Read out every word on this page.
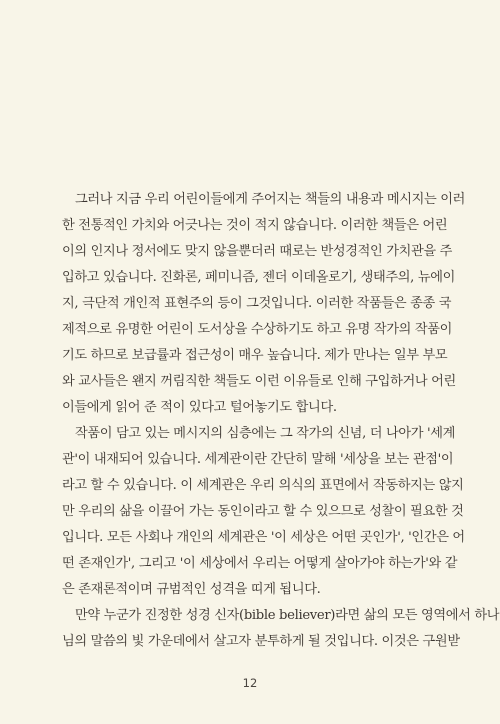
그러나 지금 우리 어린이들에게 주어지는 책들의 내용과 메시지는 이러
한 전통적인 가치와 어긋나는 것이 적지 않습니다. 이러한 책들은 어린
이의 인지나 정서에도 맞지 않을뿐더러 때로는 반성경적인 가치관을 주
입하고 있습니다. 진화론, 페미니즘, 젠더 이데올로기, 생태주의, 뉴에이
지, 극단적 개인적 표현주의 등이 그것입니다. 이러한 작품들은 종종 국
제적으로 유명한 어린이 도서상을 수상하기도 하고 유명 작가의 작품이
기도 하므로 보급률과 접근성이 매우 높습니다. 제가 만나는 일부 부모
와 교사들은 왠지 꺼림직한 책들도 이런 이유들로 인해 구입하거나 어린
이들에게 읽어 준 적이 있다고 털어놓기도 합니다.
작품이 담고 있는 메시지의 심층에는 그 작가의 신념, 더 나아가 '세계
관'이 내재되어 있습니다. 세계관이란 간단히 말해 '세상을 보는 관점'이
라고 할 수 있습니다. 이 세계관은 우리 의식의 표면에서 작동하지는 않지
만 우리의 삶을 이끌어 가는 동인이라고 할 수 있으므로 성찰이 필요한 것
입니다. 모든 사회나 개인의 세계관은 '이 세상은 어떤 곳인가', '인간은 어
떤 존재인가', 그리고 '이 세상에서 우리는 어떻게 살아가야 하는가'와 같
은 존재론적이며 규범적인 성격을 띠게 됩니다.
만약 누군가 진정한 성경 신자(bible believer)라면 삶의 모든 영역에서 하나
님의 말씀의 빛 가운데에서 살고자 분투하게 될 것입니다. 이것은 구원받
12
